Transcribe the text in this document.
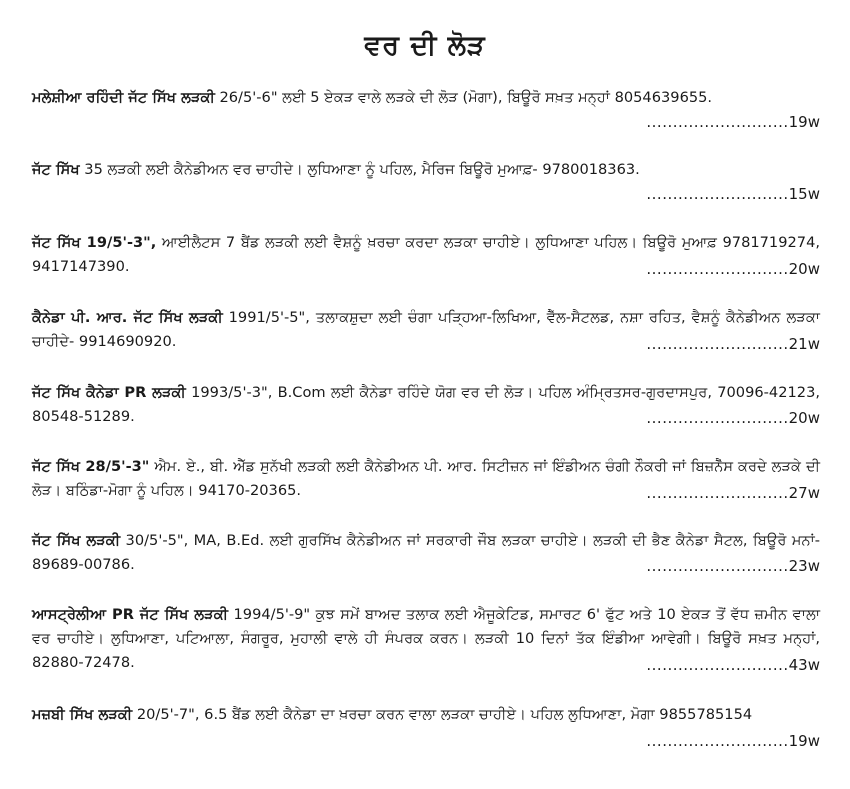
ਵਰ ਦੀ ਲੋੜ
ਮਲੇਸ਼ੀਆ ਰਹਿੰਦੀ ਜੱਟ ਸਿੱਖ ਲੜਕੀ 26/5'-6" ਲਈ 5 ਏਕੜ ਵਾਲੇ ਲੜਕੇ ਦੀ ਲੋੜ (ਮੋਗਾ), ਬਿਊਰੋ ਸਖ਼ਤ ਮਨ੍ਹਾਂ 8054639655.
...........................19w
ਜੱਟ ਸਿੱਖ 35 ਲੜਕੀ ਲਈ ਕੈਨੇਡੀਅਨ ਵਰ ਚਾਹੀਦੇ। ਲੁਧਿਆਣਾ ਨੂੰ ਪਹਿਲ, ਮੈਰਿਜ ਬਿਊਰੋ ਮੁਆਫ਼- 9780018363.
...........................15w
ਜੱਟ ਸਿੱਖ 19/5'-3", ਆਈਲੈਟਸ 7 ਬੈਂਡ ਲੜਕੀ ਲਈ ਵੈਸ਼ਨੂੰ ਖ਼ਰਚਾ ਕਰਦਾ ਲੜਕਾ ਚਾਹੀਏ। ਲੁਧਿਆਣਾ ਪਹਿਲ। ਬਿਊਰੋ ਮੁਆਫ਼ 9781719274, 9417147390.	...........................20w
ਕੈਨੇਡਾ ਪੀ. ਆਰ. ਜੱਟ ਸਿੱਖ ਲੜਕੀ 1991/5'-5", ਤਲਾਕਸ਼ੁਦਾ ਲਈ ਚੰਗਾ ਪੜ੍ਹਿਆ-ਲਿਖਿਆ, ਵੈੱਲ-ਸੈਟਲਡ, ਨਸ਼ਾ ਰਹਿਤ, ਵੈਸ਼ਨੂੰ ਕੈਨੇਡੀਅਨ ਲੜਕਾ ਚਾਹੀਦੇ- 9914690920.	...........................21w
ਜੱਟ ਸਿੱਖ ਕੈਨੇਡਾ PR ਲੜਕੀ 1993/5'-3", B.Com ਲਈ ਕੈਨੇਡਾ ਰਹਿੰਦੇ ਯੋਗ ਵਰ ਦੀ ਲੋੜ। ਪਹਿਲ ਅੰਮ੍ਰਿਤਸਰ-ਗੁਰਦਾਸਪੁਰ, 70096-42123, 80548-51289.	...........................20w
ਜੱਟ ਸਿੱਖ 28/5'-3" ਐਮ. ਏ., ਬੀ. ਐੱਡ ਸੁਨੱਖੀ ਲੜਕੀ ਲਈ ਕੈਨੇਡੀਅਨ ਪੀ. ਆਰ. ਸਿਟੀਜ਼ਨ ਜਾਂ ਇੰਡੀਅਨ ਚੰਗੀ ਨੌਕਰੀ ਜਾਂ ਬਿਜ਼ਨੈੱਸ ਕਰਦੇ ਲੜਕੇ ਦੀ ਲੋੜ। ਬਠਿੰਡਾ-ਮੋਗਾ ਨੂੰ ਪਹਿਲ। 94170-20365.	...........................27w
ਜੱਟ ਸਿੱਖ ਲੜਕੀ 30/5'-5", MA, B.Ed. ਲਈ ਗੁਰਸਿੱਖ ਕੈਨੇਡੀਅਨ ਜਾਂ ਸਰਕਾਰੀ ਜੌਬ ਲੜਕਾ ਚਾਹੀਏ। ਲੜਕੀ ਦੀ ਭੈਣ ਕੈਨੇਡਾ ਸੈਟਲ, ਬਿਊਰੋ ਮਨਾਂ- 89689-00786.	...........................23w
ਆਸਟ੍ਰੇਲੀਆ PR ਜੱਟ ਸਿੱਖ ਲੜਕੀ 1994/5'-9" ਕੁਝ ਸਮੇਂ ਬਾਅਦ ਤਲਾਕ ਲਈ ਐਜੂਕੇਟਿਡ, ਸਮਾਰਟ 6' ਫੁੱਟ ਅਤੇ 10 ਏਕੜ ਤੋਂ ਵੱਧ ਜ਼ਮੀਨ ਵਾਲਾ ਵਰ ਚਾਹੀਏ। ਲੁਧਿਆਣਾ, ਪਟਿਆਲਾ, ਸੰਗਰੂਰ, ਮੁਹਾਲੀ ਵਾਲੇ ਹੀ ਸੰਪਰਕ ਕਰਨ। ਲੜਕੀ 10 ਦਿਨਾਂ ਤੱਕ ਇੰਡੀਆ ਆਵੇਗੀ। ਬਿਊਰੋ ਸਖ਼ਤ ਮਨ੍ਹਾਂ, 82880-72478.	...........................43w
ਮਜ਼ਬੀ ਸਿੱਖ ਲੜਕੀ 20/5'-7", 6.5 ਬੈਂਡ ਲਈ ਕੈਨੇਡਾ ਦਾ ਖ਼ਰਚਾ ਕਰਨ ਵਾਲਾ ਲੜਕਾ ਚਾਹੀਏ। ਪਹਿਲ ਲੁਧਿਆਣਾ, ਮੋਗਾ 9855785154
...........................19w
